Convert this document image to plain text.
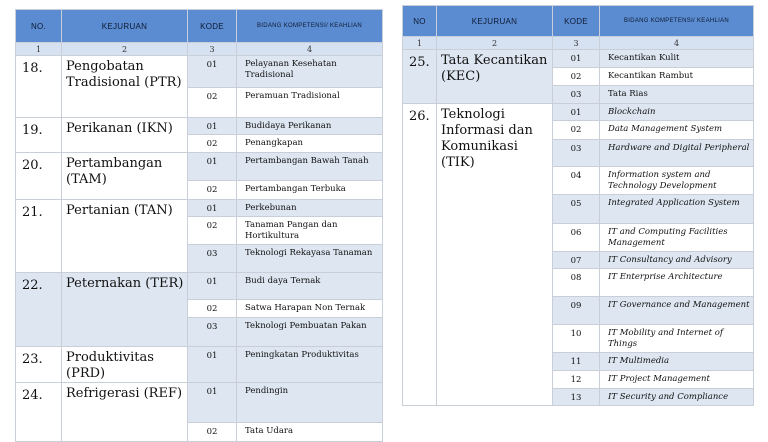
NO.	KEJURUAN	KODE	BIDANG KOMPETENSI/ KEAHLIAN
1	2	3	4
18.	Pengobatan Tradisional (PTR)	01	Pelayanan Kesehatan Tradisional
		02	Peramuan Tradisional
19.	Perikanan (IKN)	01	Budidaya Perikanan
		02	Penangkapan
20.	Pertambangan (TAM)	01	Pertambangan Bawah Tanah
		02	Pertambangan Terbuka
21.	Pertanian (TAN)	01	Perkebunan
		02	Tanaman Pangan dan Hortikultura
		03	Teknologi Rekayasa Tanaman
22.	Peternakan (TER)	01	Budi daya Ternak
		02	Satwa Harapan Non Ternak
		03	Teknologi Pembuatan Pakan
23.	Produktivitas (PRD)	01	Peningkatan Produktivitas
24.	Refrigerasi (REF)	01	Pendingin
		02	Tata Udara
NO	KEJURUAN	KODE	BIDANG KOMPETENSI/ KEAHLIAN
1	2	3	4
25.	Tata Kecantikan (KEC)	01	Kecantikan Kulit
		02	Kecantikan Rambut
		03	Tata Rias
26.	Teknologi Informasi dan Komunikasi (TIK)	01	Blockchain
		02	Data Management System
		03	Hardware and Digital Peripheral
		04	Information system and Technology Development
		05	Integrated Application System
		06	IT and Computing Facilities Management
		07	IT Consultancy and Advisory
		08	IT Enterprise Architecture
		09	IT Governance and Management
		10	IT Mobility and Internet of Things
		11	IT Multimedia
		12	IT Project Management
		13	IT Security and Compliance
